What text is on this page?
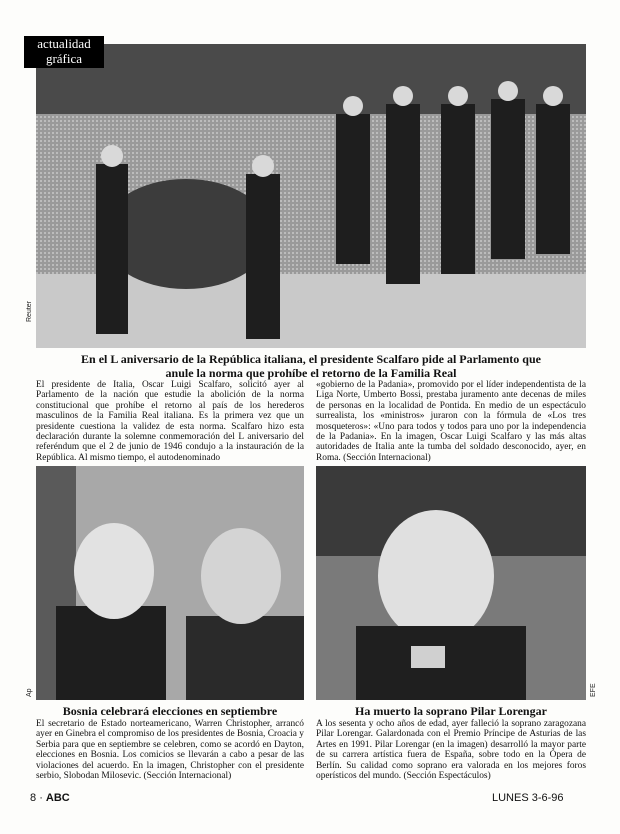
Reuter
actualidad
gráfica
En el L aniversario de la República italiana, el presidente Scalfaro pide al Parlamento que
anule la norma que prohíbe el retorno de la Familia Real
El presidente de Italia, Oscar Luigi Scalfaro, solicitó ayer al Parlamento de la nación que estudie la abolición de la norma constitucional que prohíbe el retorno al país de los herederos masculinos de la Familia Real italiana. Es la primera vez que un presidente cuestiona la validez de esta norma. Scalfaro hizo esta declaración durante la solemne conmemoración del L aniversario del referéndum que el 2 de junio de 1946 condujo a la instauración de la República. Al mismo tiempo, el autodenominado
«gobierno de la Padania», promovido por el líder independentista de la Liga Norte, Umberto Bossi, prestaba juramento ante decenas de miles de personas en la localidad de Pontida. En medio de un espectáculo surrealista, los «ministros» juraron con la fórmula de «Los tres mosqueteros»: «Uno para todos y todos para uno por la independencia de la Padania». En la imagen, Oscar Luigi Scalfaro y las más altas autoridades de Italia ante la tumba del soldado desconocido, ayer, en Roma. (Sección Internacional)
Ap	EFE
Bosnia celebrará elecciones en septiembre	Ha muerto la soprano Pilar Lorengar
El secretario de Estado norteamericano, Warren Christopher, arrancó ayer en Ginebra el compromiso de los presidentes de Bosnia, Croacia y Serbia para que en septiembre se celebren, como se acordó en Dayton, elecciones en Bosnia. Los comicios se llevarán a cabo a pesar de las violaciones del acuerdo. En la imagen, Christopher con el presidente serbio, Slobodan Milosevic. (Sección Internacional)
A los sesenta y ocho años de edad, ayer falleció la soprano zaragozana Pilar Lorengar. Galardonada con el Premio Príncipe de Asturias de las Artes en 1991. Pilar Lorengar (en la imagen) desarrolló la mayor parte de su carrera artística fuera de España, sobre todo en la Ópera de Berlín. Su calidad como soprano era valorada en los mejores foros operísticos del mundo. (Sección Espectáculos)
8 · ABC	LUNES 3-6-96
